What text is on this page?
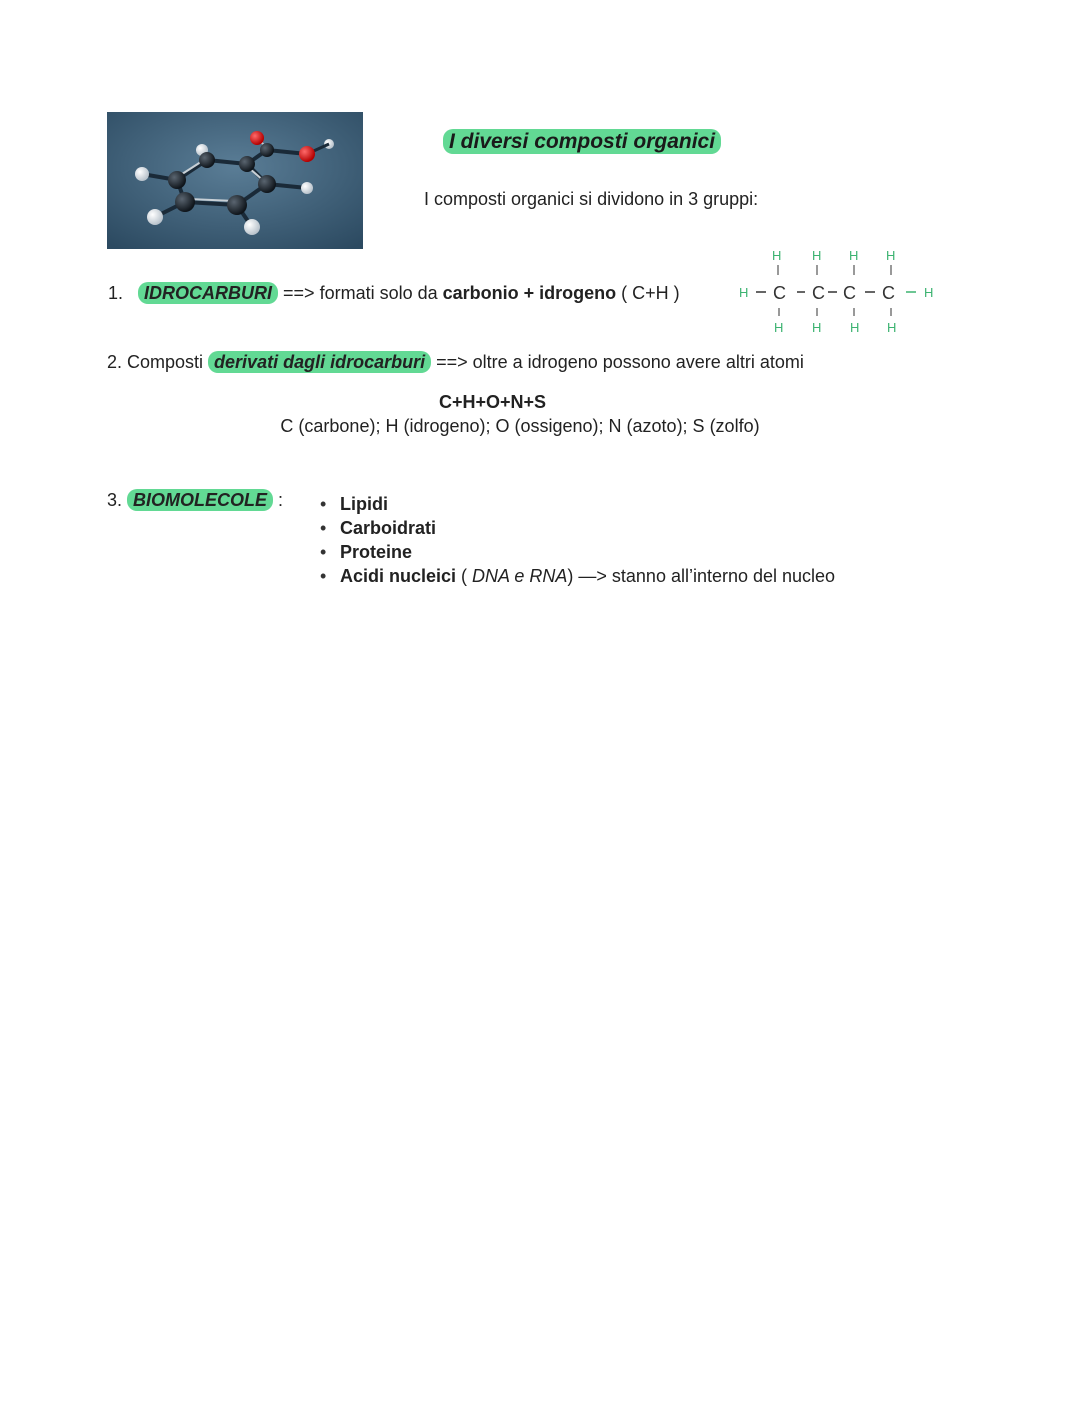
I diversi composti organici
I composti organici si dividono in 3 gruppi:
1. IDROCARBURI ==> formati solo da carbonio + idrogeno ( C+H )
H H H H
H H H H
H	H
C C C C
2. Composti derivati dagli idrocarburi ==> oltre a idrogeno possono avere altri atomi
C+H+O+N+S
C (carbone); H (idrogeno); O (ossigeno); N (azoto); S (zolfo)
3. BIOMOLECOLE : • Lipidi
• Carboidrati
• Proteine
• Acidi nucleici ( DNA e RNA) —> stanno all’interno del nucleo
